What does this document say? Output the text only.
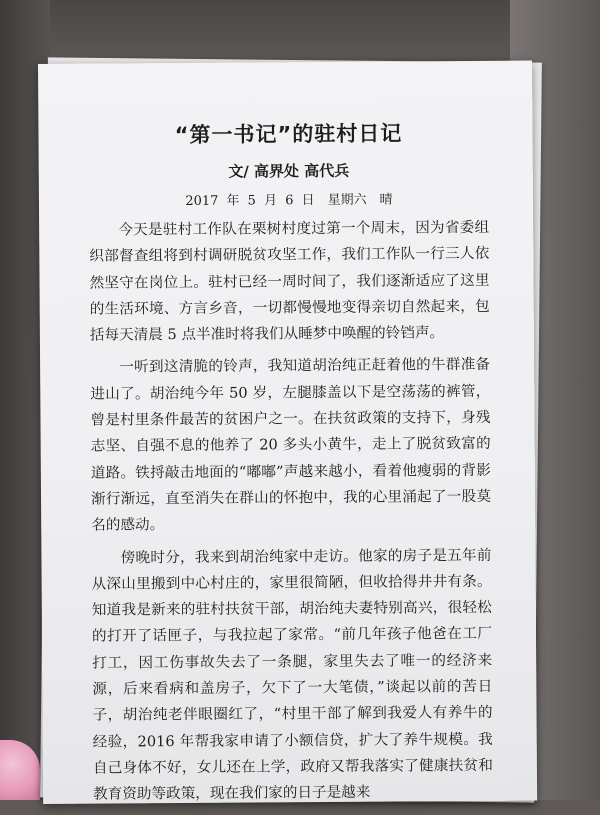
“第一书记”的驻村日记
文/ 高界处 高代兵
2017 年 5 月 6 日　星期六　晴

今天是驻村工作队在栗树村度过第一个周末，因为省委组织部督查组将到村调研脱贫攻坚工作，我们工作队一行三人依然坚守在岗位上。驻村已经一周时间了，我们逐渐适应了这里的生活环境、方言乡音，一切都慢慢地变得亲切自然起来，包括每天清晨 5 点半准时将我们从睡梦中唤醒的铃铛声。

一听到这清脆的铃声，我知道胡治纯正赶着他的牛群准备进山了。胡治纯今年 50 岁，左腿膝盖以下是空荡荡的裤管，曾是村里条件最苦的贫困户之一。在扶贫政策的支持下，身残志坚、自强不息的他养了 20 多头小黄牛，走上了脱贫致富的道路。铁捋敲击地面的“嘟嘟”声越来越小，看着他瘦弱的背影渐行渐远，直至消失在群山的怀抱中，我的心里涌起了一股莫名的感动。

傍晚时分，我来到胡治纯家中走访。他家的房子是五年前从深山里搬到中心村庄的，家里很简陋，但收拾得井井有条。知道我是新来的驻村扶贫干部，胡治纯夫妻特别高兴，很轻松的打开了话匣子，与我拉起了家常。“前几年孩子他爸在工厂打工，因工伤事故失去了一条腿，家里失去了唯一的经济来源，后来看病和盖房子，欠下了一大笔债，”谈起以前的苦日子，胡治纯老伴眼圈红了，“村里干部了解到我爱人有养牛的经验，2016 年帮我家申请了小额信贷，扩大了养牛规模。我自己身体不好，女儿还在上学，政府又帮我落实了健康扶贫和教育资助等政策，现在我们家的日子是越来
